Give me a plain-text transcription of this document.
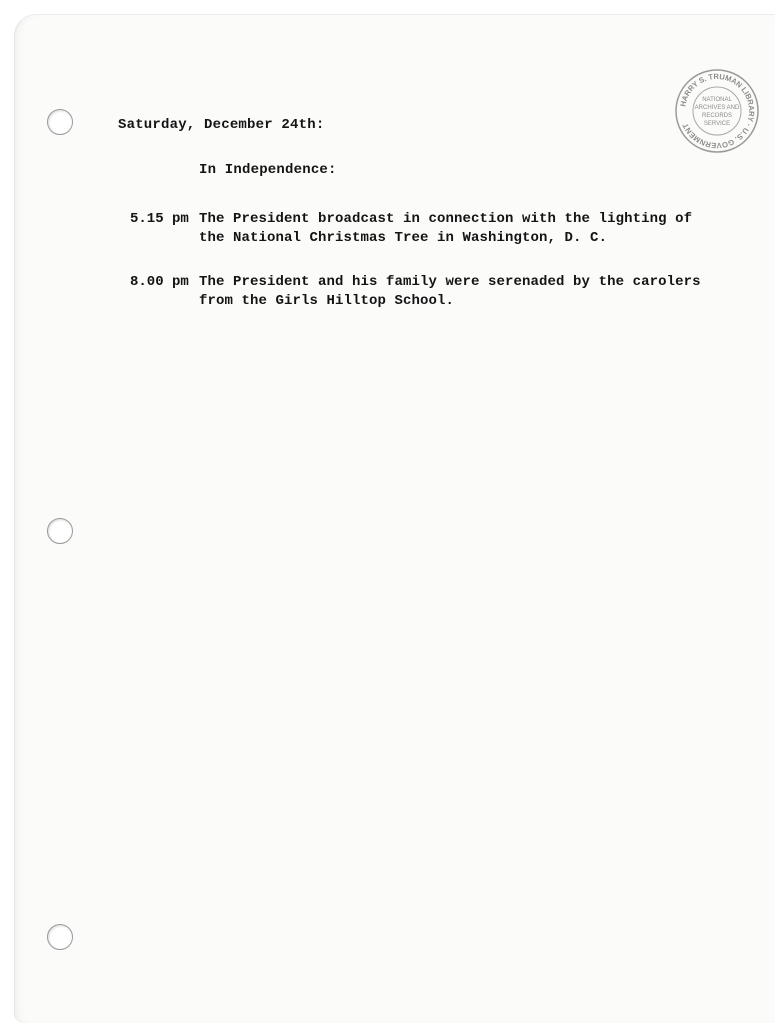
HARRY S. TRUMAN LIBRARY · U.S. GOVERNMENT
NATIONAL
ARCHIVES AND
RECORDS
SERVICE
Saturday, December 24th:
In Independence:
5.15 pm The President broadcast in connection with the lighting of
the National Christmas Tree in Washington, D. C.
8.00 pm The President and his family were serenaded by the carolers
from the Girls Hilltop School.
